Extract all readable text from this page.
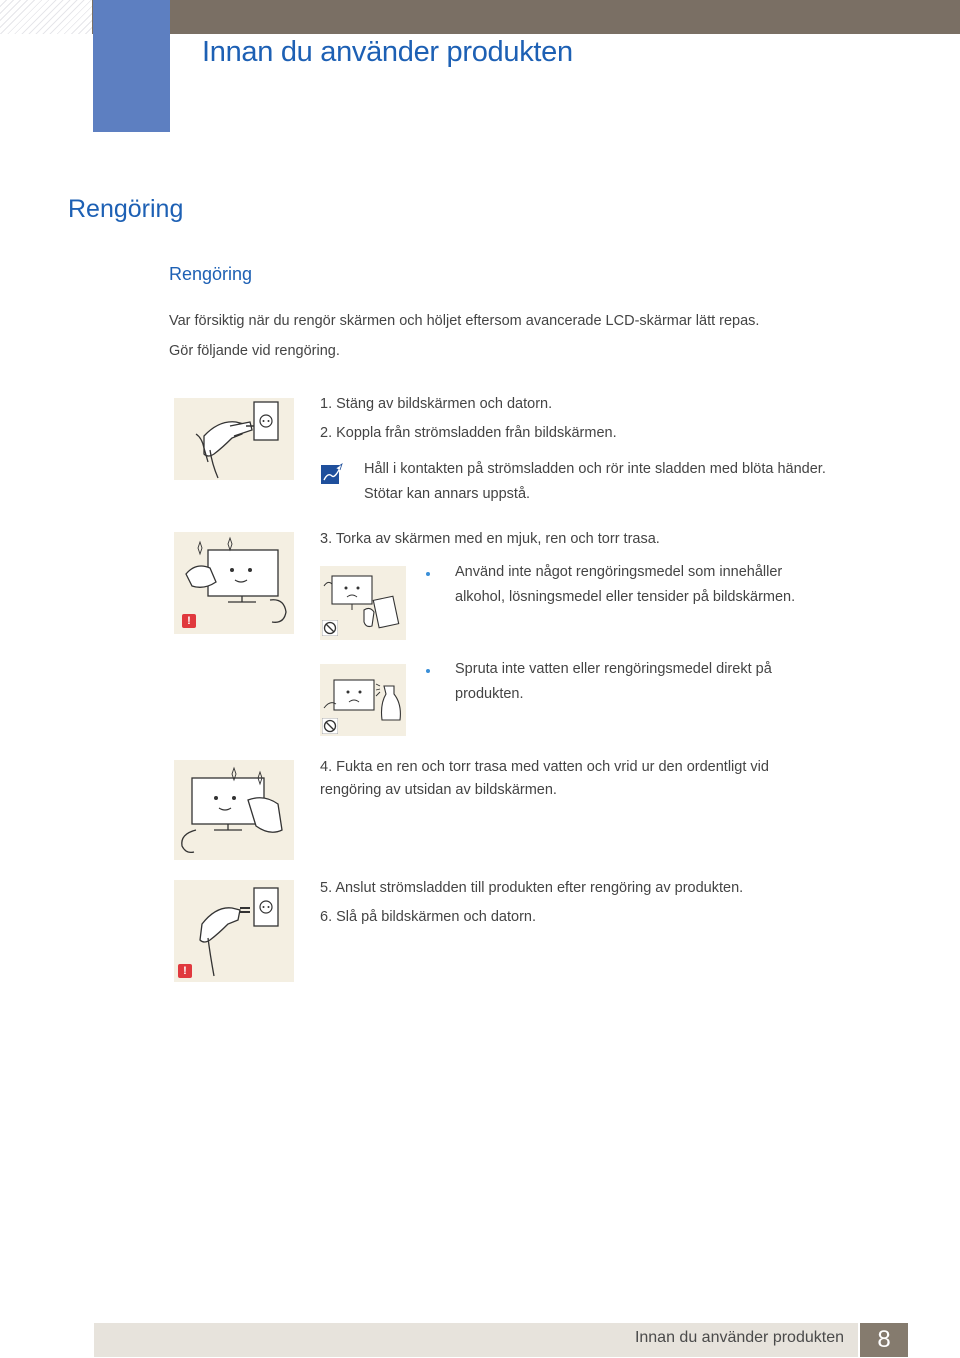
Innan du använder produkten
Rengöring
Rengöring
Var försiktig när du rengör skärmen och höljet eftersom avancerade LCD-skärmar lätt repas.
Gör följande vid rengöring.
1. Stäng av bildskärmen och datorn.
2. Koppla från strömsladden från bildskärmen.
Håll i kontakten på strömsladden och rör inte sladden med blöta händer.
Stötar kan annars uppstå.
!
3. Torka av skärmen med en mjuk, ren och torr trasa.
Använd inte något rengöringsmedel som innehåller
alkohol, lösningsmedel eller tensider på bildskärmen.
Spruta inte vatten eller rengöringsmedel direkt på
produkten.
4. Fukta en ren och torr trasa med vatten och vrid ur den ordentligt vid
rengöring av utsidan av bildskärmen.
!
5. Anslut strömsladden till produkten efter rengöring av produkten.
6. Slå på bildskärmen och datorn.
Innan du använder produkten	8
